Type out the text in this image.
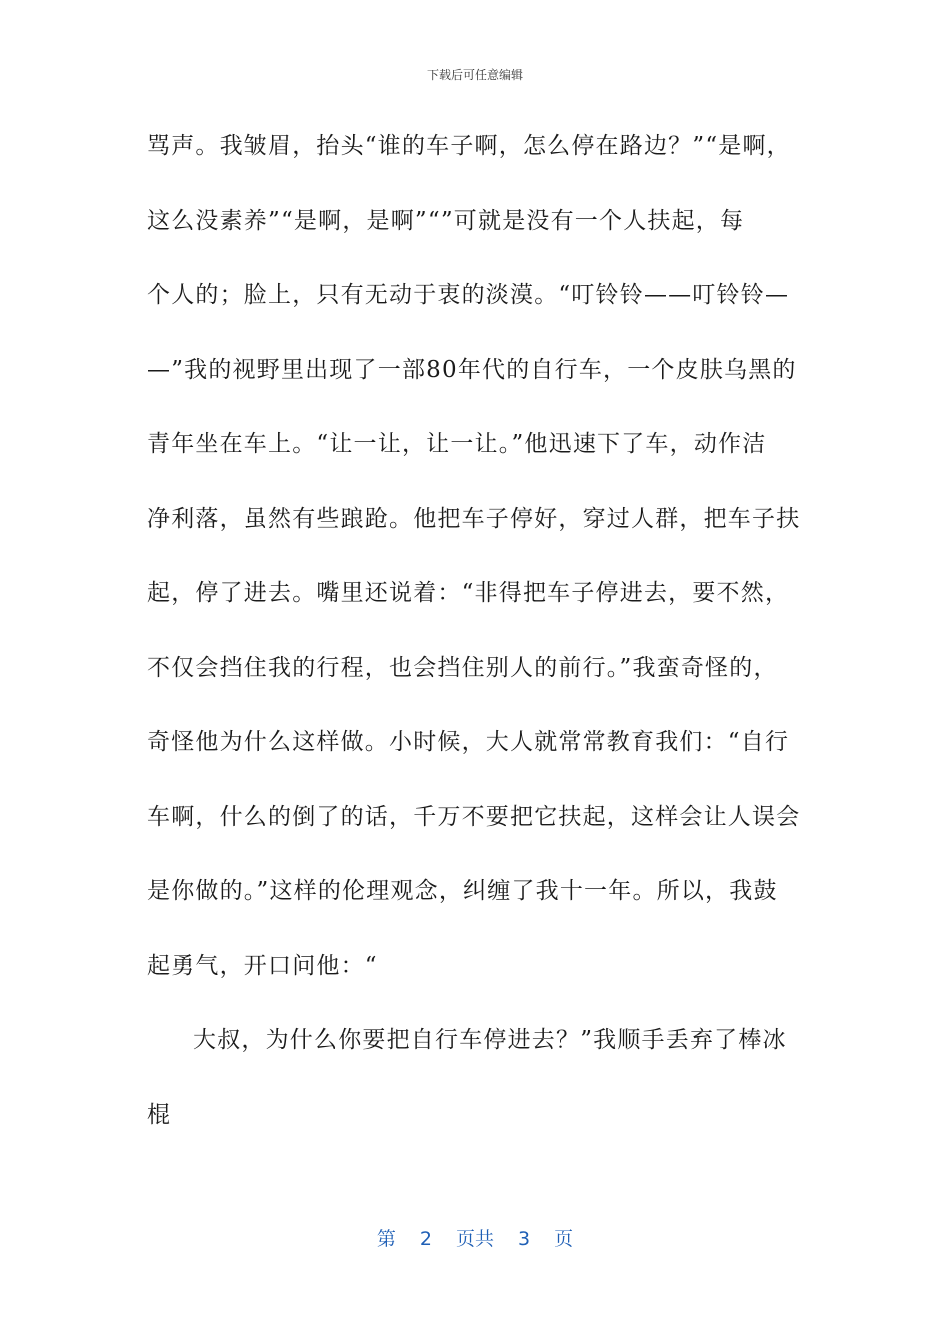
下载后可任意编辑
骂声。我皱眉，抬头“谁的车子啊，怎么停在路边？”“是啊，
这么没素养”“是啊，是啊”“”可就是没有一个人扶起，每
个人的；脸上，只有无动于衷的淡漠。“叮铃铃——叮铃铃—
—”我的视野里出现了一部80年代的自行车，一个皮肤乌黑的
青年坐在车上。“让一让，让一让。”他迅速下了车，动作洁
净利落，虽然有些踉跄。他把车子停好，穿过人群，把车子扶
起，停了进去。嘴里还说着：“非得把车子停进去，要不然，
不仅会挡住我的行程，也会挡住别人的前行。”我蛮奇怪的，
奇怪他为什么这样做。小时候，大人就常常教育我们：“自行
车啊，什么的倒了的话，千万不要把它扶起，这样会让人误会
是你做的。”这样的伦理观念，纠缠了我十一年。所以，我鼓
起勇气，开口问他：“
大叔，为什么你要把自行车停进去？”我顺手丢弃了棒冰
棍
第 2 页共 3 页
